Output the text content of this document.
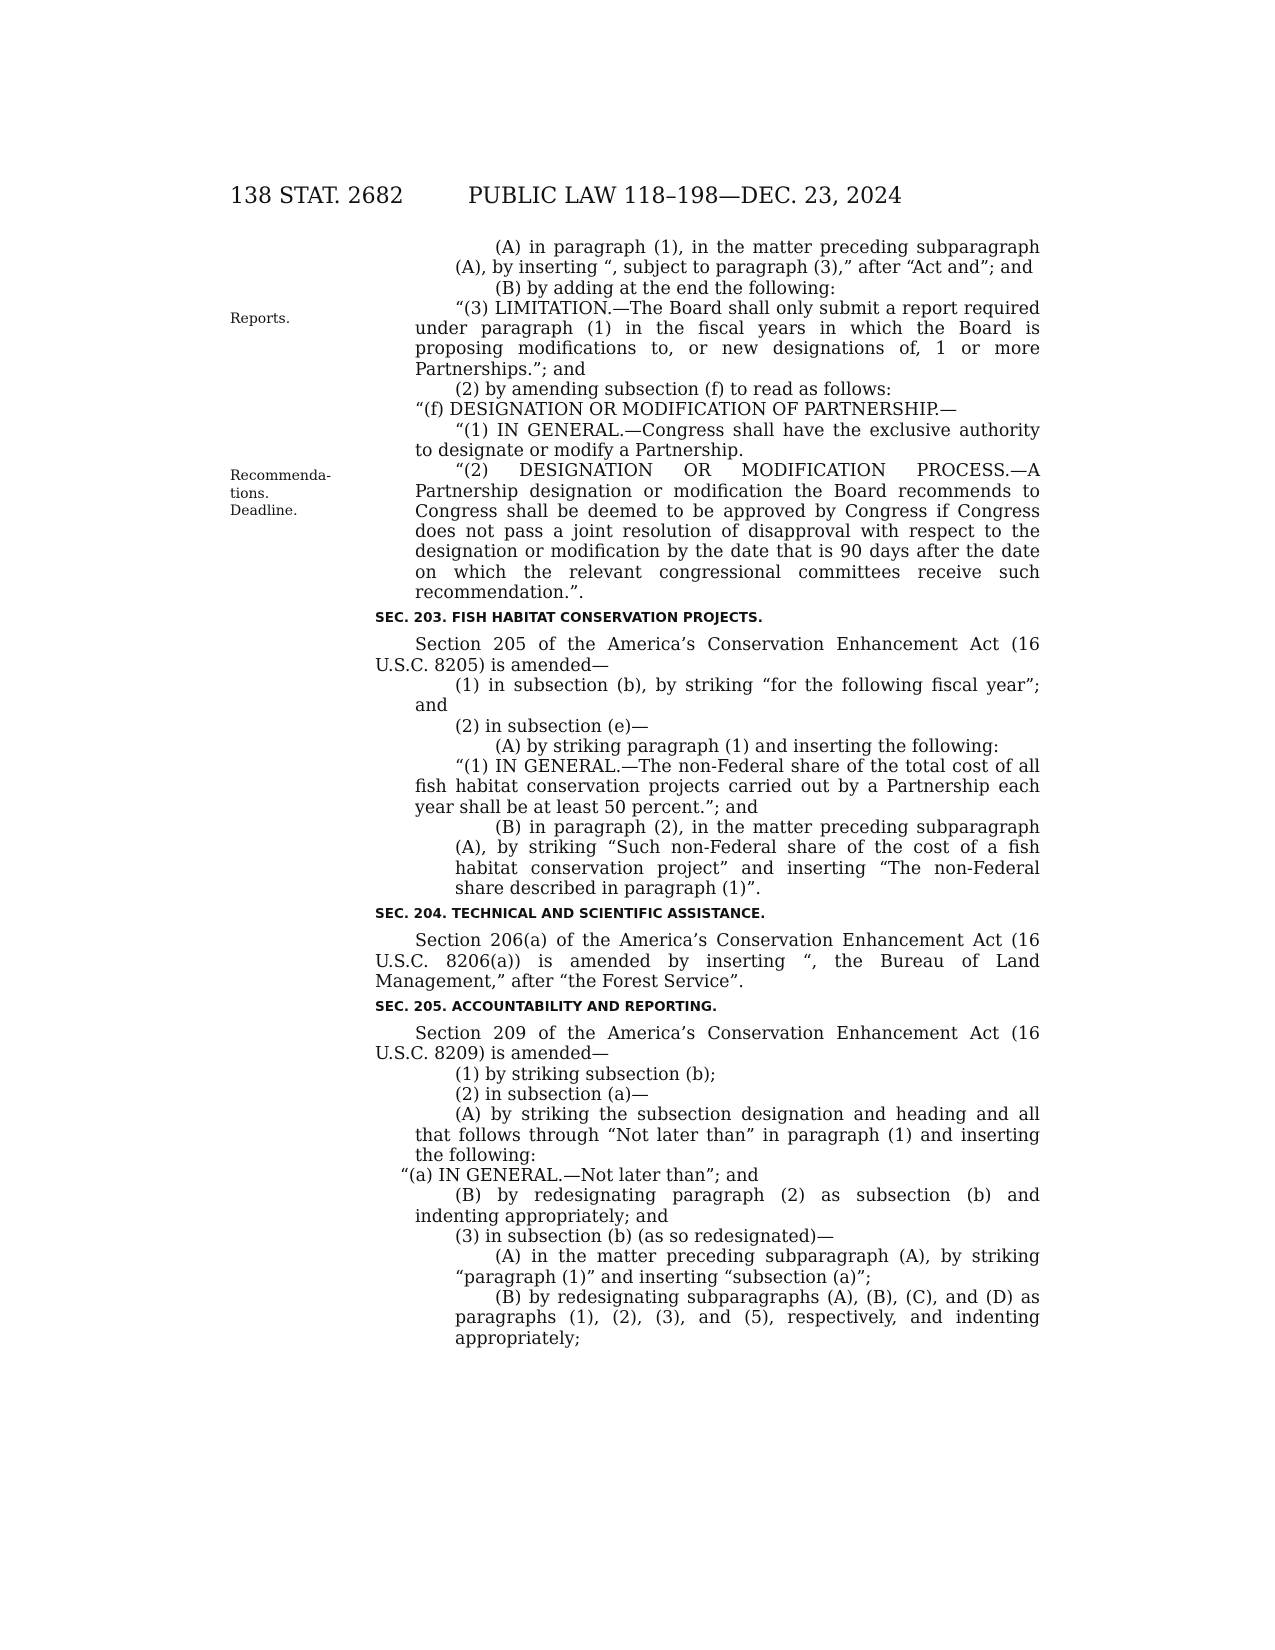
138 STAT. 2682	PUBLIC LAW 118–198—DEC. 23, 2024
Reports.
Recommenda-
tions.
Deadline.

(A) in paragraph (1), in the matter preceding subparagraph (A), by inserting “, subject to paragraph (3),” after “Act and”; and

(B) by adding at the end the following:

“(3) LIMITATION.—The Board shall only submit a report required under paragraph (1) in the fiscal years in which the Board is proposing modifications to, or new designations of, 1 or more Partnerships.”; and

(2) by amending subsection (f) to read as follows:

“(f) DESIGNATION OR MODIFICATION OF PARTNERSHIP.—

“(1) IN GENERAL.—Congress shall have the exclusive authority to designate or modify a Partnership.

“(2) DESIGNATION OR MODIFICATION PROCESS.—A Partnership designation or modification the Board recommends to Congress shall be deemed to be approved by Congress if Congress does not pass a joint resolution of disapproval with respect to the designation or modification by the date that is 90 days after the date on which the relevant congressional committees receive such recommendation.”.

SEC. 203. FISH HABITAT CONSERVATION PROJECTS.

Section 205 of the America’s Conservation Enhancement Act (16 U.S.C. 8205) is amended—

(1) in subsection (b), by striking “for the following fiscal year”; and

(2) in subsection (e)—

(A) by striking paragraph (1) and inserting the following:

“(1) IN GENERAL.—The non-Federal share of the total cost of all fish habitat conservation projects carried out by a Partnership each year shall be at least 50 percent.”; and

(B) in paragraph (2), in the matter preceding subparagraph (A), by striking “Such non-Federal share of the cost of a fish habitat conservation project” and inserting “The non-Federal share described in paragraph (1)”.

SEC. 204. TECHNICAL AND SCIENTIFIC ASSISTANCE.

Section 206(a) of the America’s Conservation Enhancement Act (16 U.S.C. 8206(a)) is amended by inserting “, the Bureau of Land Management,” after “the Forest Service”.

SEC. 205. ACCOUNTABILITY AND REPORTING.

Section 209 of the America’s Conservation Enhancement Act (16 U.S.C. 8209) is amended—

(1) by striking subsection (b);

(2) in subsection (a)—

(A) by striking the subsection designation and heading and all that follows through “Not later than” in paragraph (1) and inserting the following:

“(a) IN GENERAL.—Not later than”; and

(B) by redesignating paragraph (2) as subsection (b) and indenting appropriately; and

(3) in subsection (b) (as so redesignated)—

(A) in the matter preceding subparagraph (A), by striking “paragraph (1)” and inserting “subsection (a)”;

(B) by redesignating subparagraphs (A), (B), (C), and (D) as paragraphs (1), (2), (3), and (5), respectively, and indenting appropriately;
